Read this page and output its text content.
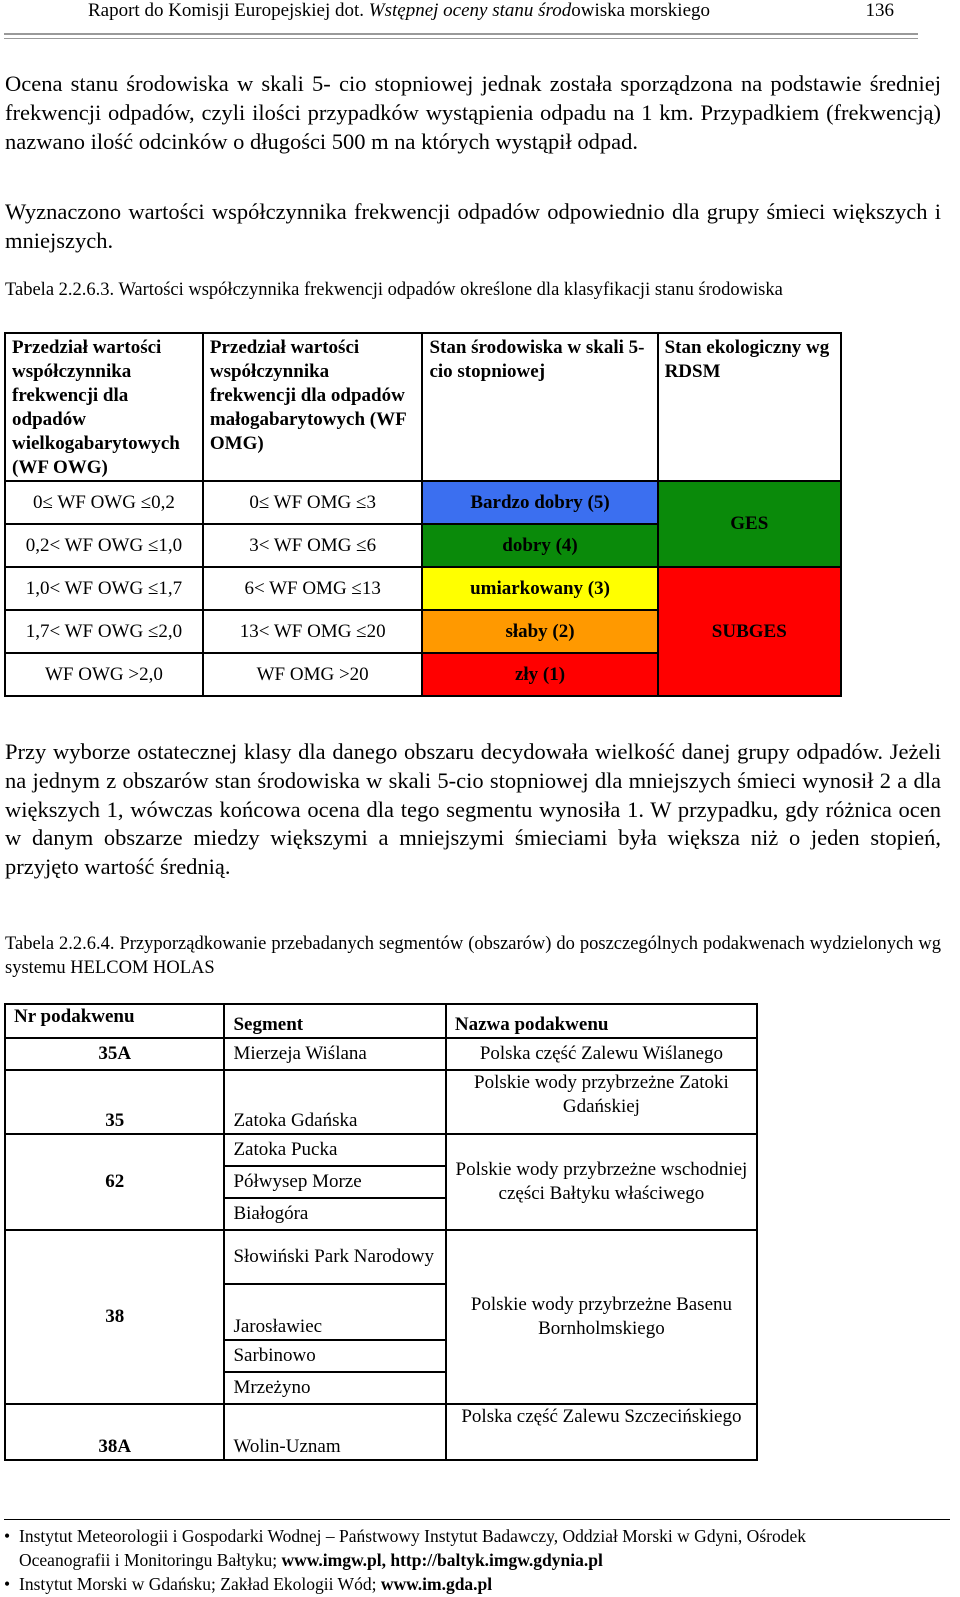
Raport do Komisji Europejskiej dot. Wstępnej oceny stanu środowiska morskiego	136
Ocena stanu środowiska w skali 5- cio stopniowej jednak została sporządzona na podstawie średniej frekwencji odpadów, czyli ilości przypadków wystąpienia odpadu na 1 km. Przypadkiem (frekwencją) nazwano ilość odcinków o długości 500 m na których wystąpił odpad.
Wyznaczono wartości współczynnika frekwencji odpadów odpowiednio dla grupy śmieci większych i mniejszych.
Tabela 2.2.6.3. Wartości współczynnika frekwencji odpadów określone dla klasyfikacji stanu środowiska
Przedział wartości współczynnika frekwencji dla odpadów wielkogabarytowych (WF OWG)	Przedział wartości współczynnika frekwencji dla odpadów małogabarytowych (WF OMG)	Stan środowiska w skali 5-cio stopniowej	Stan ekologiczny wg RDSM
0≤ WF OWG ≤0,2	0≤ WF OMG ≤3	Bardzo dobry (5)	GES
0,2< WF OWG ≤1,0	3< WF OMG ≤6	dobry (4)	
1,0< WF OWG ≤1,7	6< WF OMG ≤13	umiarkowany (3)	SUBGES
1,7< WF OWG ≤2,0	13< WF OMG ≤20	słaby (2)	
WF OWG >2,0	WF OMG >20	zły (1)	
Przy wyborze ostatecznej klasy dla danego obszaru decydowała wielkość danej grupy odpadów. Jeżeli na jednym z obszarów stan środowiska w skali 5-cio stopniowej dla mniejszych śmieci wynosił 2 a dla większych 1, wówczas końcowa ocena dla tego segmentu wynosiła 1. W przypadku, gdy różnica ocen w danym obszarze miedzy większymi a mniejszymi śmieciami była większa niż o jeden stopień, przyjęto wartość średnią.
Tabela 2.2.6.4. Przyporządkowanie przebadanych segmentów (obszarów) do poszczególnych podakwenach wydzielonych wg systemu HELCOM HOLAS
Nr podakwenu	Segment	Nazwa podakwenu
35A	Mierzeja Wiślana	Polska część Zalewu Wiślanego
35	Zatoka Gdańska	Polskie wody przybrzeżne Zatoki Gdańskiej
62	Zatoka Pucka	Polskie wody przybrzeżne wschodniej części Bałtyku właściwego
	Półwysep Morze	
	Białogóra	
38	Słowiński Park Narodowy	Polskie wody przybrzeżne Basenu Bornholmskiego
	Jarosławiec	
	Sarbinowo	
	Mrzeżyno	
38A	Wolin-Uznam	Polska część Zalewu Szczecińskiego
• Instytut Meteorologii i Gospodarki Wodnej – Państwowy Instytut Badawczy, Oddział Morski w Gdyni, Ośrodek
Oceanografii i Monitoringu Bałtyku; www.imgw.pl, http://baltyk.imgw.gdynia.pl
• Instytut Morski w Gdańsku; Zakład Ekologii Wód; www.im.gda.pl
